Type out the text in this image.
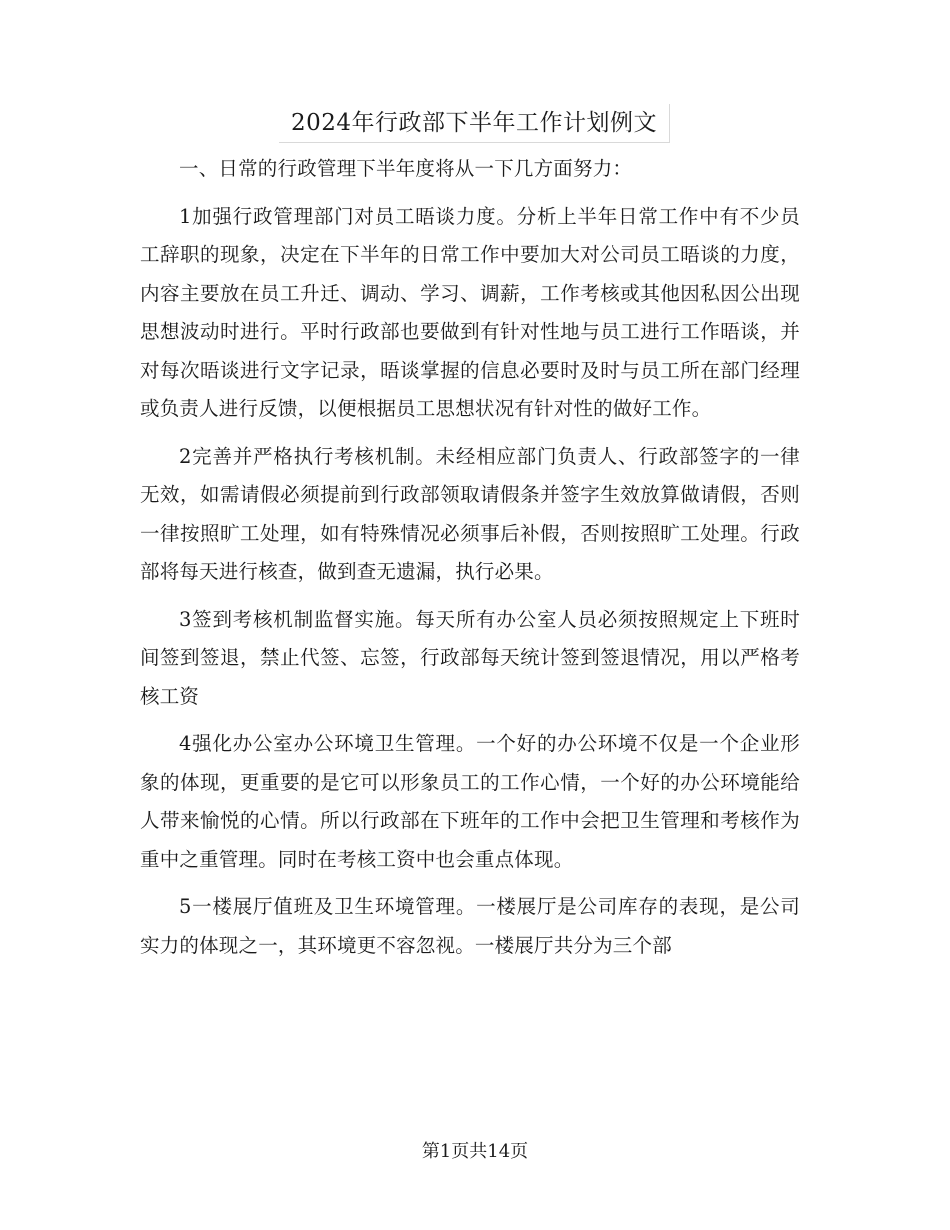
2024年行政部下半年工作计划例文

一、日常的行政管理下半年度将从一下几方面努力：

1加强行政管理部门对员工晤谈力度。分析上半年日常工作中有不少员工辞职的现象，决定在下半年的日常工作中要加大对公司员工晤谈的力度，内容主要放在员工升迁、调动、学习、调薪，工作考核或其他因私因公出现思想波动时进行。平时行政部也要做到有针对性地与员工进行工作晤谈，并对每次晤谈进行文字记录，晤谈掌握的信息必要时及时与员工所在部门经理或负责人进行反馈，以便根据员工思想状况有针对性的做好工作。

2完善并严格执行考核机制。未经相应部门负责人、行政部签字的一律无效，如需请假必须提前到行政部领取请假条并签字生效放算做请假，否则一律按照旷工处理，如有特殊情况必须事后补假，否则按照旷工处理。行政部将每天进行核查，做到查无遗漏，执行必果。

3签到考核机制监督实施。每天所有办公室人员必须按照规定上下班时间签到签退，禁止代签、忘签，行政部每天统计签到签退情况，用以严格考核工资

4强化办公室办公环境卫生管理。一个好的办公环境不仅是一个企业形象的体现，更重要的是它可以形象员工的工作心情，一个好的办公环境能给人带来愉悦的心情。所以行政部在下班年的工作中会把卫生管理和考核作为重中之重管理。同时在考核工资中也会重点体现。

5一楼展厅值班及卫生环境管理。一楼展厅是公司库存的表现，是公司实力的体现之一，其环境更不容忽视。一楼展厅共分为三个部

第1页共14页
